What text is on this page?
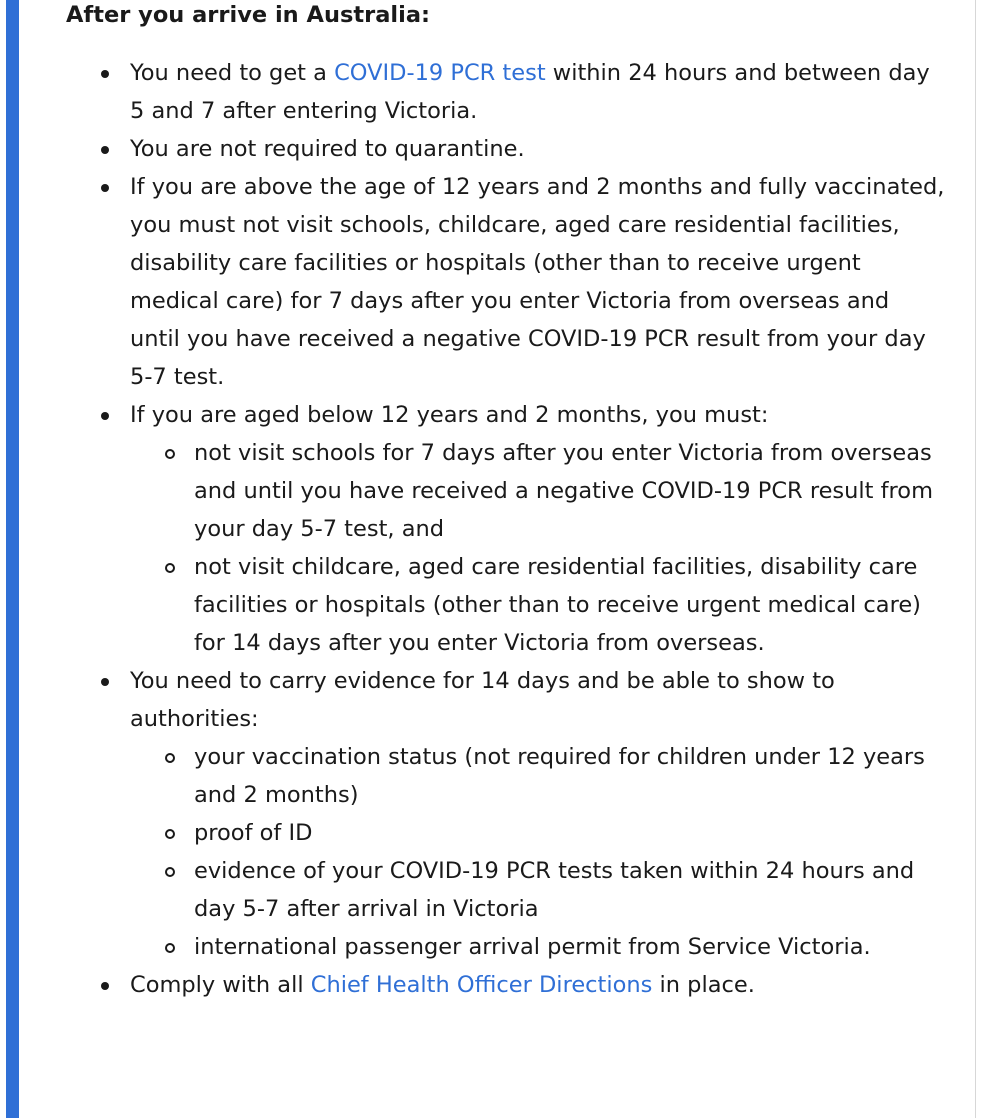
After you arrive in Australia:
You need to get a COVID-19 PCR test within 24 hours and between day 5 and 7 after entering Victoria.
You are not required to quarantine.
If you are above the age of 12 years and 2 months and fully vaccinated, you must not visit schools, childcare, aged care residential facilities, disability care facilities or hospitals (other than to receive urgent medical care) for 7 days after you enter Victoria from overseas and until you have received a negative COVID-19 PCR result from your day 5-7 test.
If you are aged below 12 years and 2 months, you must:
not visit schools for 7 days after you enter Victoria from overseas and until you have received a negative COVID-19 PCR result from your day 5-7 test, and
not visit childcare, aged care residential facilities, disability care facilities or hospitals (other than to receive urgent medical care) for 14 days after you enter Victoria from overseas.
You need to carry evidence for 14 days and be able to show to authorities:
your vaccination status (not required for children under 12 years and 2 months)
proof of ID
evidence of your COVID-19 PCR tests taken within 24 hours and day 5-7 after arrival in Victoria
international passenger arrival permit from Service Victoria.
Comply with all Chief Health Officer Directions in place.
